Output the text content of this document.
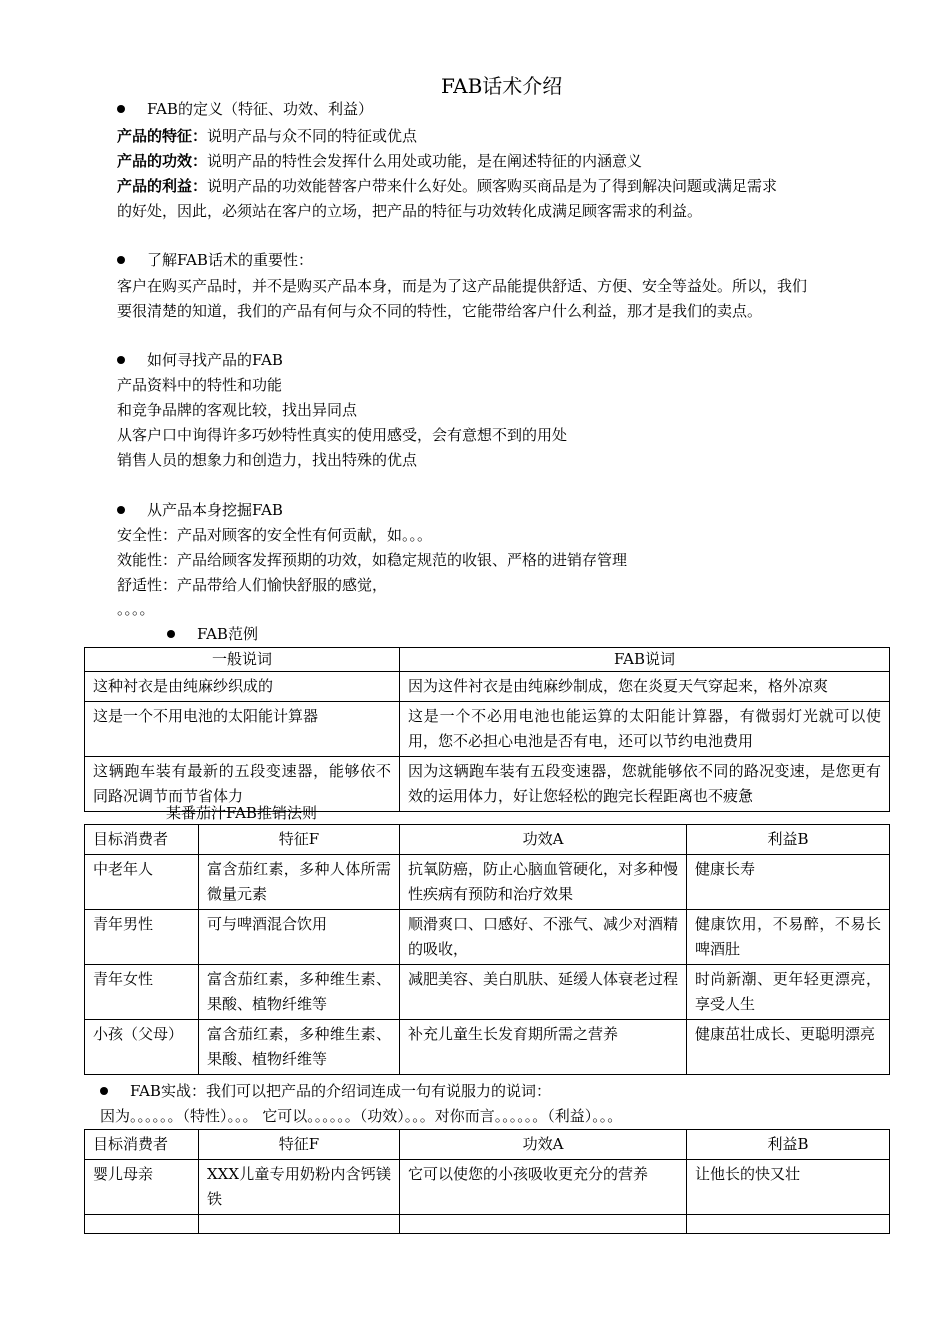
FAB话术介绍
FAB的定义（特征、功效、利益）
产品的特征：说明产品与众不同的特征或优点
产品的功效：说明产品的特性会发挥什么用处或功能，是在阐述特征的内涵意义
产品的利益：说明产品的功效能替客户带来什么好处。顾客购买商品是为了得到解决问题或满足需求
的好处，因此，必须站在客户的立场，把产品的特征与功效转化成满足顾客需求的利益。
了解FAB话术的重要性：
客户在购买产品时，并不是购买产品本身，而是为了这产品能提供舒适、方便、安全等益处。所以，我们
要很清楚的知道，我们的产品有何与众不同的特性，它能带给客户什么利益，那才是我们的卖点。
如何寻找产品的FAB
产品资料中的特性和功能
和竞争品牌的客观比较，找出异同点
从客户口中询得许多巧妙特性真实的使用感受，会有意想不到的用处
销售人员的想象力和创造力，找出特殊的优点
从产品本身挖掘FAB
安全性：产品对顾客的安全性有何贡献，如。。。
效能性：产品给顾客发挥预期的功效，如稳定规范的收银、严格的进销存管理
舒适性：产品带给人们愉快舒服的感觉，
。。。。
FAB范例
一般说词	FAB说词
这种衬衣是由纯麻纱织成的	因为这件衬衣是由纯麻纱制成，您在炎夏天气穿起来，格外凉爽
这是一个不用电池的太阳能计算器	这是一个不必用电池也能运算的太阳能计算器，有微弱灯光就可以使用，您不必担心电池是否有电，还可以节约电池费用
这辆跑车装有最新的五段变速器，能够依不同路况调节而节省体力	因为这辆跑车装有五段变速器，您就能够依不同的路况变速，是您更有效的运用体力，好让您轻松的跑完长程距离也不疲惫
某番茄汁FAB推销法则
目标消费者	特征F	功效A	利益B
中老年人	富含茄红素，多种人体所需微量元素	抗氧防癌，防止心脑血管硬化，对多种慢性疾病有预防和治疗效果	健康长寿
青年男性	可与啤酒混合饮用	顺滑爽口、口感好、不涨气、减少对酒精的吸收，	健康饮用，不易醉，不易长啤酒肚
青年女性	富含茄红素，多种维生素、果酸、植物纤维等	减肥美容、美白肌肤、延缓人体衰老过程	时尚新潮、更年轻更漂亮，享受人生
小孩（父母）	富含茄红素，多种维生素、果酸、植物纤维等	补充儿童生长发育期所需之营养	健康茁壮成长、更聪明漂亮
FAB实战：我们可以把产品的介绍词连成一句有说服力的说词：
因为。。。。。。（特性）。。。 它可以。。。。。。（功效）。。。对你而言。。。。。。（利益）。。。
目标消费者	特征F	功效A	利益B
婴儿母亲	XXX儿童专用奶粉内含钙镁铁	它可以使您的小孩吸收更充分的营养	让他长的快又壮
